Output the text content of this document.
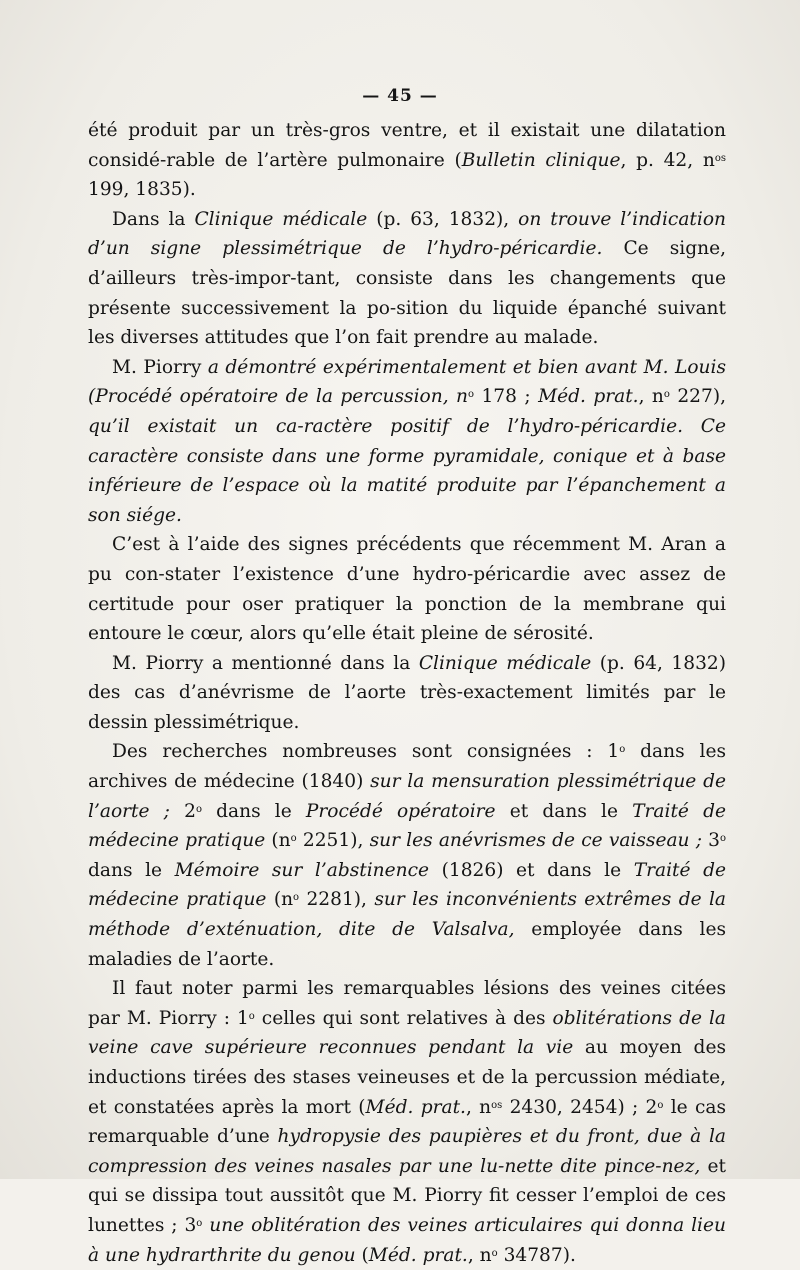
— 45 —

été produit par un très-gros ventre, et il existait une dilatation considé-rable de l’artère pulmonaire (Bulletin clinique, p. 42, $n^{os}$ 199, 1835).

Dans la Clinique médicale (p. 63, 1832), on trouve l’indication d’un signe plessimétrique de l’hydro-péricardie. Ce signe, d’ailleurs très-impor-tant, consiste dans les changements que présente successivement la po-sition du liquide épanché suivant les diverses attitudes que l’on fait prendre au malade.

M. Piorry a démontré expérimentalement et bien avant M. Louis (Procédé opératoire de la percussion, $n^o$ 178 ; Méd. prat., $n^o$ 227), qu’il existait un ca-ractère positif de l’hydro-péricardie. Ce caractère consiste dans une forme pyramidale, conique et à base inférieure de l’espace où la matité produite par l’épanchement a son siége.

C’est à l’aide des signes précédents que récemment M. Aran a pu con-stater l’existence d’une hydro-péricardie avec assez de certitude pour oser pratiquer la ponction de la membrane qui entoure le cœur, alors qu’elle était pleine de sérosité.

M. Piorry a mentionné dans la Clinique médicale (p. 64, 1832) des cas d’anévrisme de l’aorte très-exactement limités par le dessin plessimétrique.

Des recherches nombreuses sont consignées : 1$^o$ dans les archives de médecine (1840) sur la mensuration plessimétrique de l’aorte ; 2$^o$ dans le Procédé opératoire et dans le Traité de médecine pratique ($n^o$ 2251), sur les anévrismes de ce vaisseau ; 3$^o$ dans le Mémoire sur l’abstinence (1826) et dans le Traité de médecine pratique ($n^o$ 2281), sur les inconvénients extrêmes de la méthode d’exténuation, dite de Valsalva, employée dans les maladies de l’aorte.

Il faut noter parmi les remarquables lésions des veines citées par M. Piorry : 1$^o$ celles qui sont relatives à des oblitérations de la veine cave supérieure reconnues pendant la vie au moyen des inductions tirées des stases veineuses et de la percussion médiate, et constatées après la mort (Méd. prat., $n^{os}$ 2430, 2454) ; 2$^o$ le cas remarquable d’une hydropysie des paupières et du front, due à la compression des veines nasales par une lu-nette dite pince-nez, et qui se dissipa tout aussitôt que M. Piorry fit cesser l’emploi de ces lunettes ; 3$^o$ une oblitération des veines articulaires qui donna lieu à une hydrarthrite du genou (Méd. prat., $n^o$ 34787).
